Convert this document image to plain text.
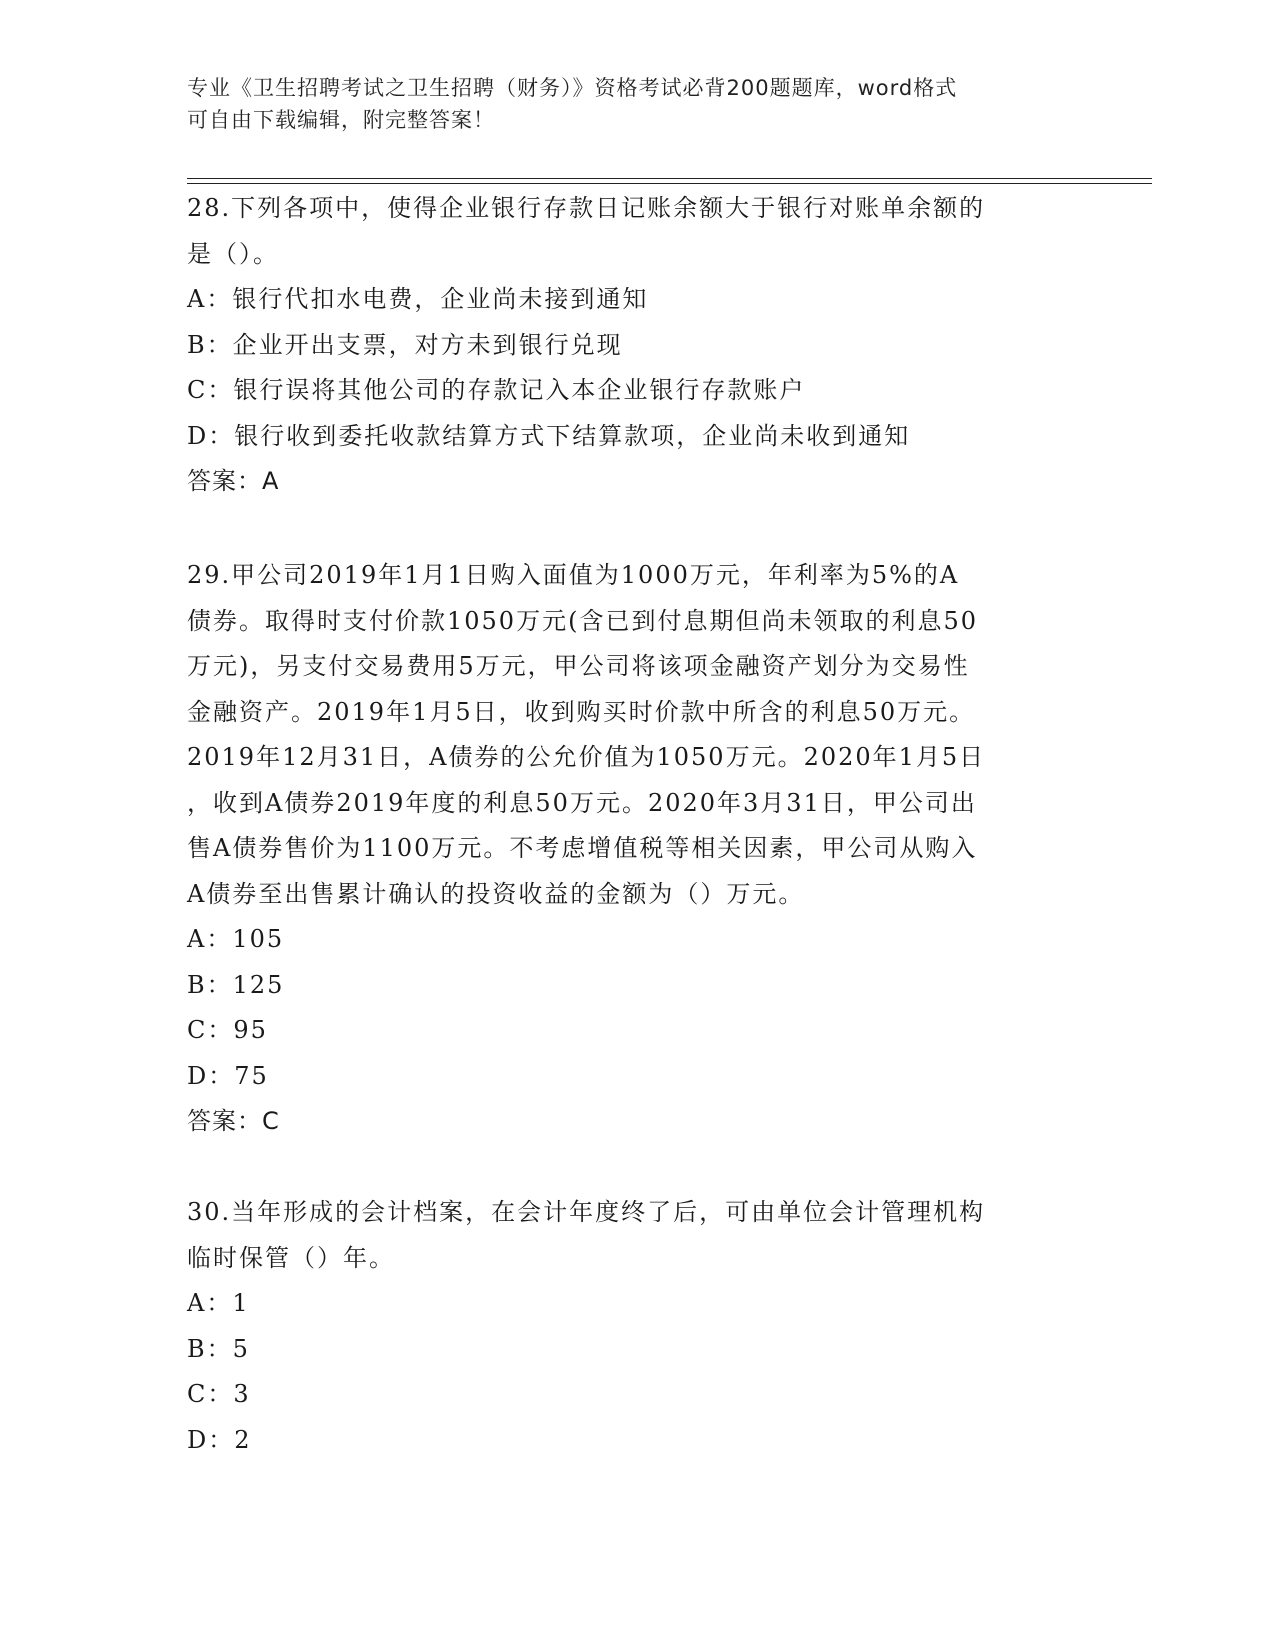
专业《卫生招聘考试之卫生招聘（财务）》资格考试必背200题题库，word格式
可自由下载编辑，附完整答案！
28.下列各项中，使得企业银行存款日记账余额大于银行对账单余额的
是（）。
A：银行代扣水电费，企业尚未接到通知
B：企业开出支票，对方未到银行兑现
C：银行误将其他公司的存款记入本企业银行存款账户
D：银行收到委托收款结算方式下结算款项，企业尚未收到通知
答案：A
29.甲公司2019年1月1日购入面值为1000万元，年利率为5%的A
债券。取得时支付价款1050万元(含已到付息期但尚未领取的利息50
万元)，另支付交易费用5万元，甲公司将该项金融资产划分为交易性
金融资产。2019年1月5日，收到购买时价款中所含的利息50万元。
2019年12月31日，A债券的公允价值为1050万元。2020年1月5日
，收到A债券2019年度的利息50万元。2020年3月31日，甲公司出
售A债券售价为1100万元。不考虑增值税等相关因素，甲公司从购入
A债券至出售累计确认的投资收益的金额为（）万元。
A：105
B：125
C：95
D：75
答案：C
30.当年形成的会计档案，在会计年度终了后，可由单位会计管理机构
临时保管（）年。
A：1
B：5
C：3
D：2
